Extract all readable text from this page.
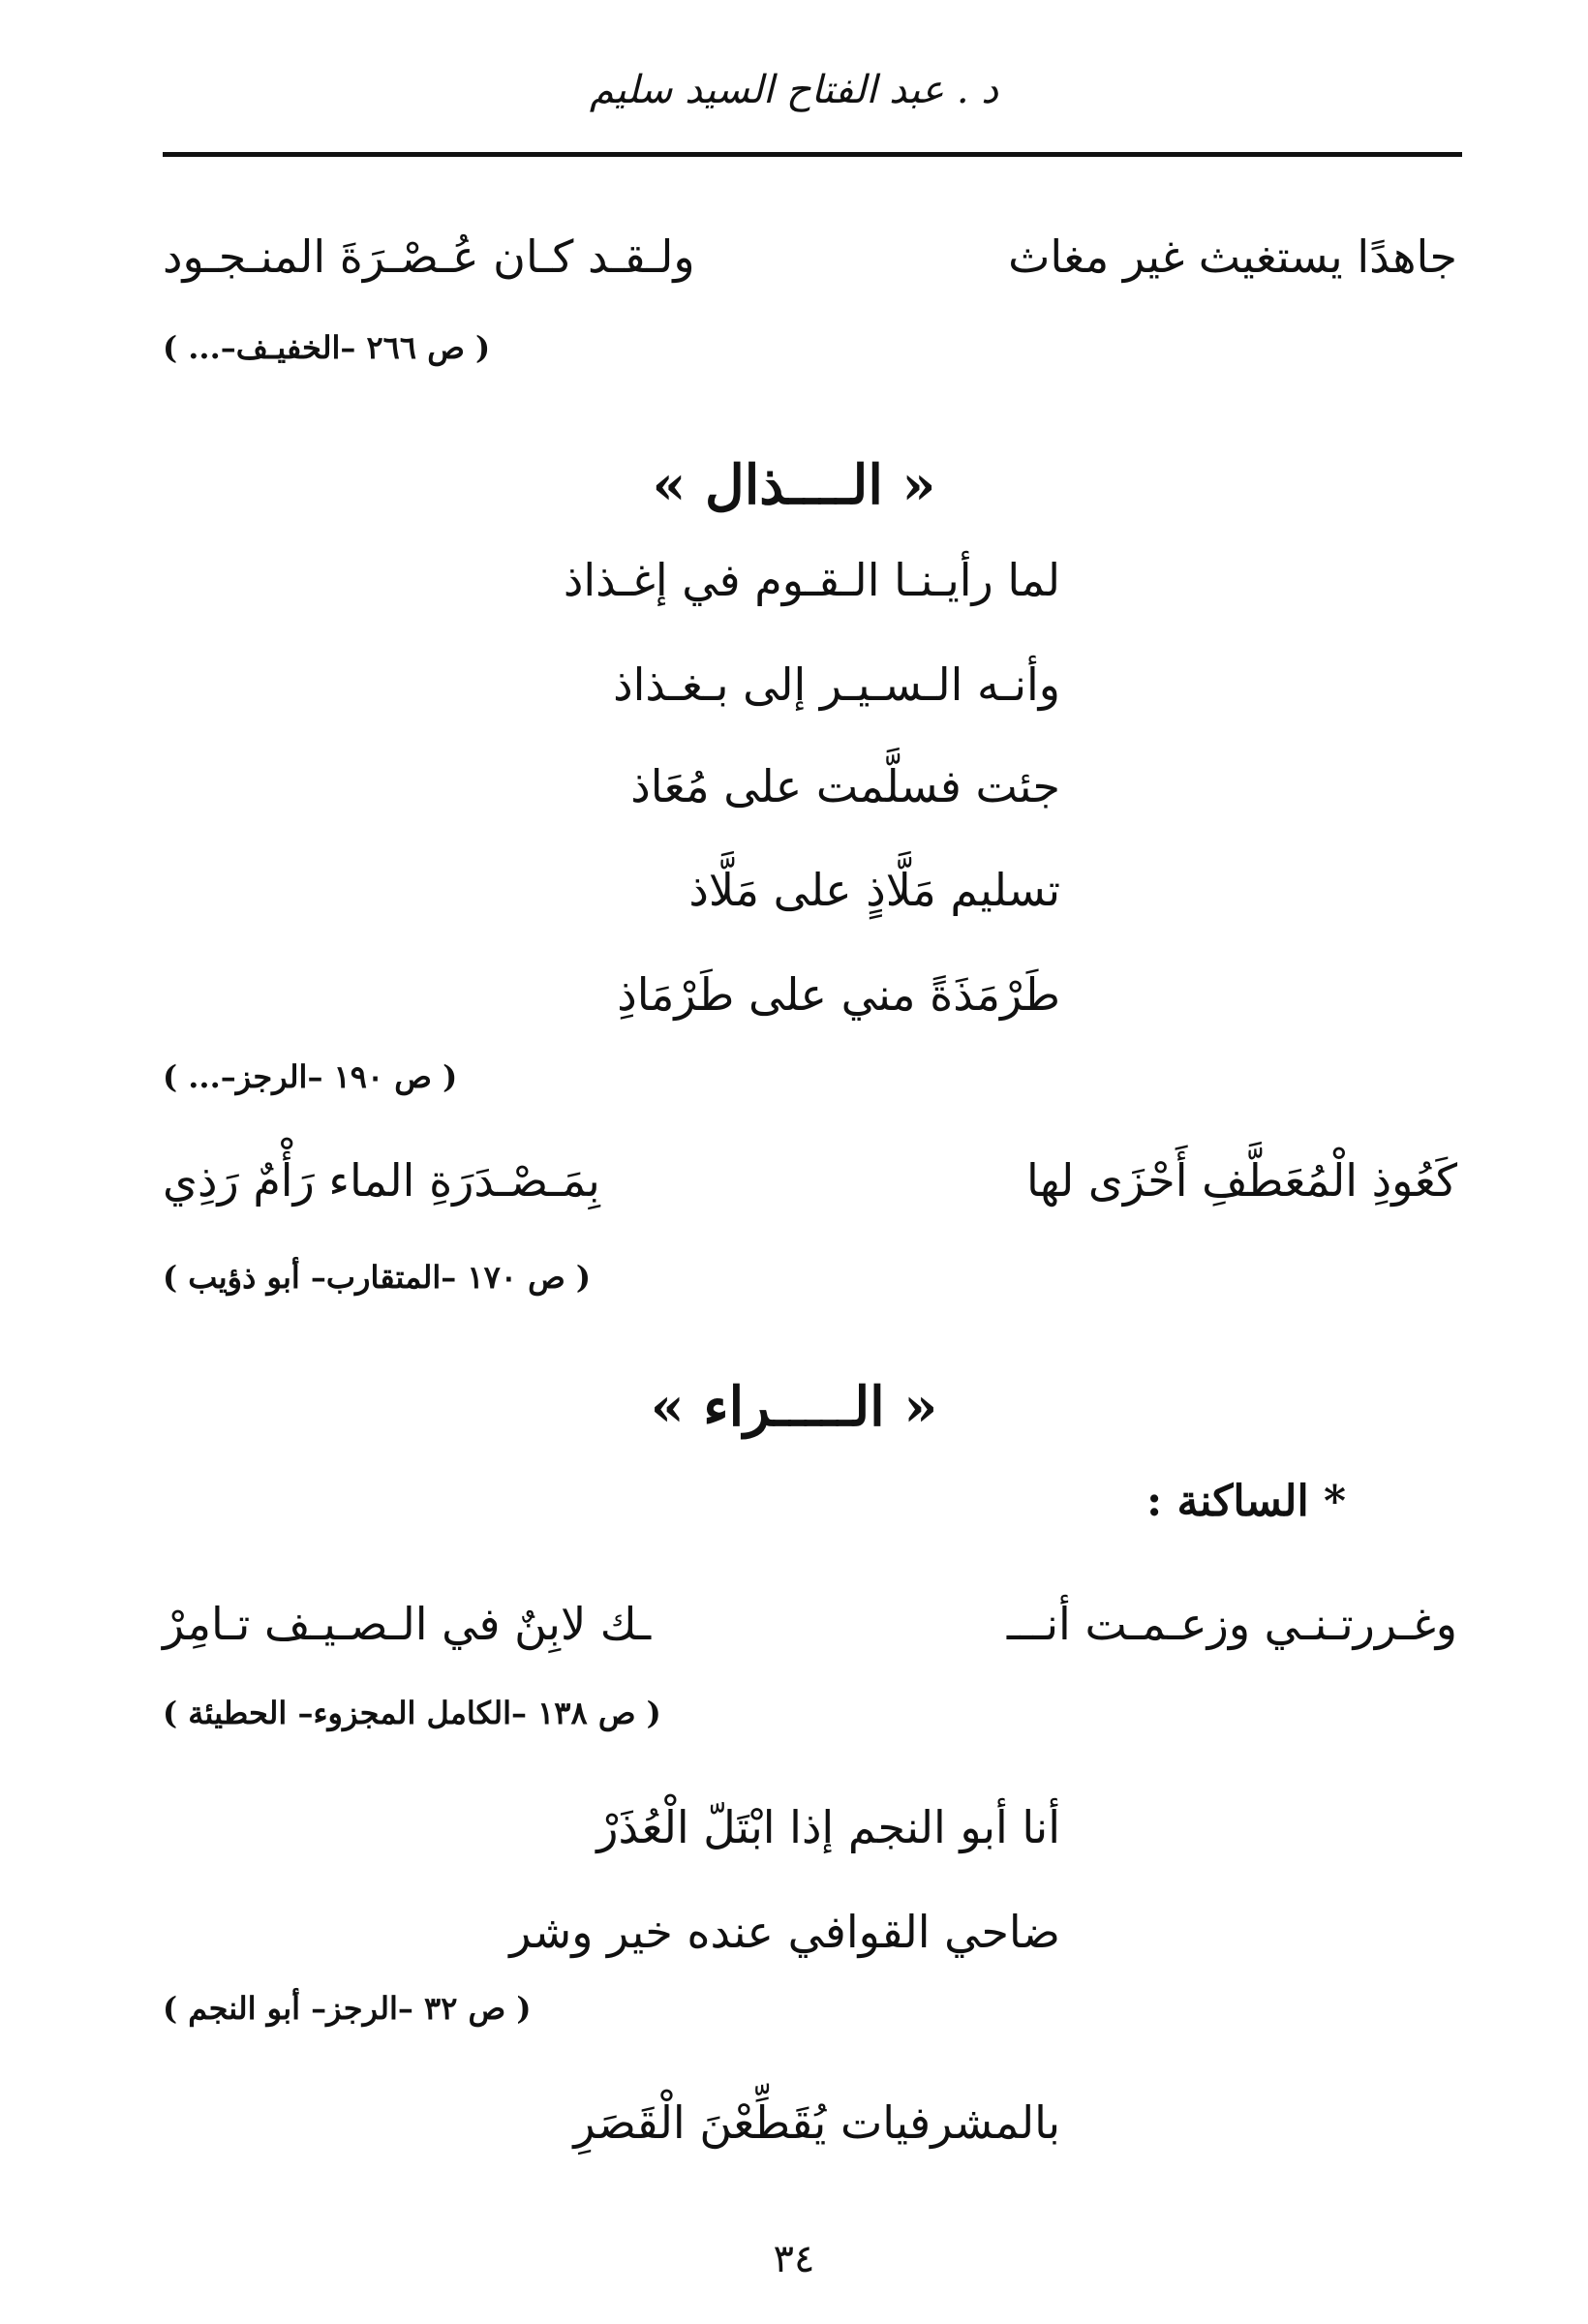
د . عبد الفتاح السيد سليم
جاهدًا يستغيث غير مغاث
ولـقـد كـان عُـصْـرَةَ المنـجـود
( ص ٢٦٦ –الخفيـف–... )
« الــــذال »
لما رأيـنـا الـقـوم في إغـذاذ
وأنـه الـسـيـر إلى بـغـذاذ
جئت فسلَّمت على مُعَاذ
تسليم مَلَّاذٍ على مَلَّاذ
طَرْمَذَةً مني على طَرْمَاذِ
( ص ١٩٠ –الرجز–... )
كَعُوذِ الْمُعَطَّفِ أَحْزَى لها
بِمَـصْـدَرَةِ الماء رَأْمٌ رَذِي
( ص ١٧٠ –المتقارب– أبو ذؤيب )
« الـــــراء »
* الساكنة :
وغـررتـنـي وزعـمـت أنـــ
ـك لابِنٌ في الـصـيـف تـامِرْ
( ص ١٣٨ –الكامل المجزوء– الحطيئة )
أنا أبو النجم إذا ابْتَلّ الْعُذَرْ
ضاحي القوافي عنده خير وشر
( ص ٣٢ –الرجز– أبو النجم )
بالمشرفيات يُقَطِّعْنَ الْقَصَرِ
٣٤
